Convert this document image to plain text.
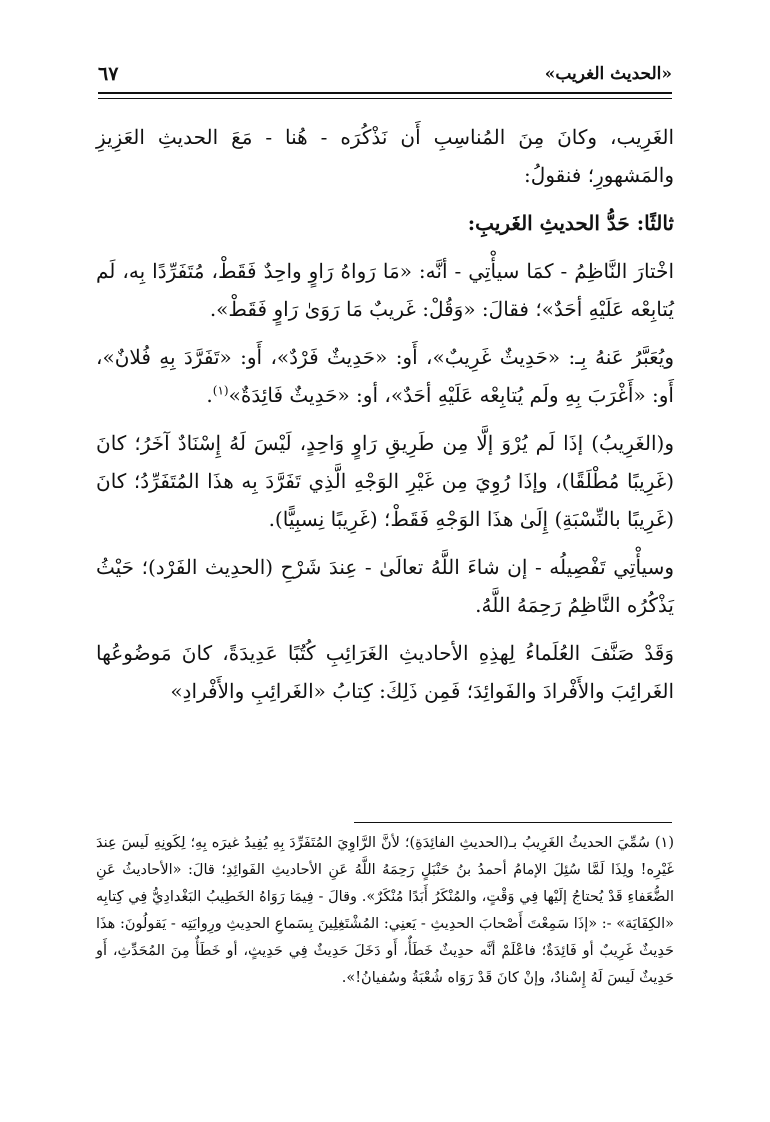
«الحديث الغريب»
٦٧

الغَرِيب، وكانَ مِنَ المُناسِبِ أَن نَذْكُرَه - هُنا - مَعَ الحديثِ العَزِيزِ والمَشهورِ؛ فنقولُ:

ثالثًا: حَدُّ الحديثِ الغَريبِ:

اخْتارَ النَّاظِمُ - كمَا سيأْتِي - أنَّه: «مَا رَواهُ رَاوٍ واحِدٌ فَقَطْ، مُتَفَرِّدًا بِه، لَم يُتابِعْه عَلَيْهِ أحَدٌ»؛ فقالَ: «وَقُلْ: غَريبٌ مَا رَوَىٰ رَاوٍ فَقَطْ».

ويُعَبَّرُ عَنهُ بِـ: «حَدِيثٌ غَرِيبٌ»، أَو: «حَدِيثٌ فَرْدٌ»، أَو: «تَفَرَّدَ بِهِ فُلانٌ»، أَو: «أَغْرَبَ بِهِ ولَم يُتابِعْه عَلَيْهِ أحَدٌ»، أو: «حَدِيثٌ فَائِدَةٌ»$^{(١)}$.

و(الغَرِيبُ) إذَا لَم يُرْوَ إلَّا مِن طَرِيقِ رَاوٍ وَاحِدٍ، لَيْسَ لَهُ إِسْنَادٌ آخَرُ؛ كانَ (غَرِيبًا مُطْلَقًا)، وإذَا رُوِيَ مِن غَيْرِ الوَجْهِ الَّذِي تَفَرَّدَ بِه هذَا المُتَفَرِّدُ؛ كانَ (غَرِيبًا بالنِّسْبَةِ) إِلَىٰ هذَا الوَجْهِ فَقَطْ؛ (غَرِيبًا نِسبِيًّا).

وسيأْتِي تَفْصِيلُه - إن شاءَ اللَّهُ تعالَىٰ - عِندَ شَرْحِ (الحدِيث الفَرْد)؛ حَيْثُ يَذْكُرُه النَّاظِمُ رَحِمَهُ اللَّهُ.

وَقَدْ صَنَّفَ العُلَماءُ لِهذِهِ الأحاديثِ الغَرَائِبِ كُتُبًا عَدِيدَةً، كانَ مَوضُوعُها الغَرائِبَ والأَفْرادَ والفَوائِدَ؛ فَمِن ذَلِكَ: كِتابُ «الغَرائِبِ والأَفْرادِ»

(١) سُمِّيَ الحديثُ الغَرِيبُ بـ(الحديثِ الفائِدَةِ)؛ لأنَّ الرَّاوِيَ المُتَفَرِّدَ بِهِ يُفِيدُ غيرَه بِهِ؛ لِكَونِهِ لَيسَ عِندَ غَيْرِه! ولِذَا لَمَّا سُئِلَ الإمامُ أحمدُ بنُ حَنْبَلٍ رَحِمَهُ اللَّهُ عَنِ الأحاديثِ الفَوائِدِ؛ قالَ: «الأحاديثُ عَنِ الضُّعَفاءِ قَدْ يُحتاجُ إلَيْها فِي وَقْتٍ، والمُنْكَرُ أَبَدًا مُنْكَرٌ». وقالَ - فِيمَا رَوَاهُ الخَطِيبُ البَغْدادِيُّ فِي كِتابِه «الكِفَايَة» -: «إذَا سَمِعْتَ أَصْحابَ الحدِيثِ - يَعنِي: المُشْتَغِلِينَ بِسَماعِ الحدِيثِ ورِوايَتِه - يَقولُونَ: هذَا حَدِيثٌ غَرِيبٌ أو فَائِدَةٌ؛ فاعْلَمْ أنَّه حدِيثٌ خَطَأٌ، أَو دَخَلَ حَدِيثٌ فِي حَدِيثٍ، أو خَطَأٌ مِنَ المُحَدِّثِ، أَو حَدِيثٌ لَيسَ لَهُ إِسْنادٌ، وإنْ كانَ قَدْ رَوَاه شُعْبَةُ وسُفيانُ!».
